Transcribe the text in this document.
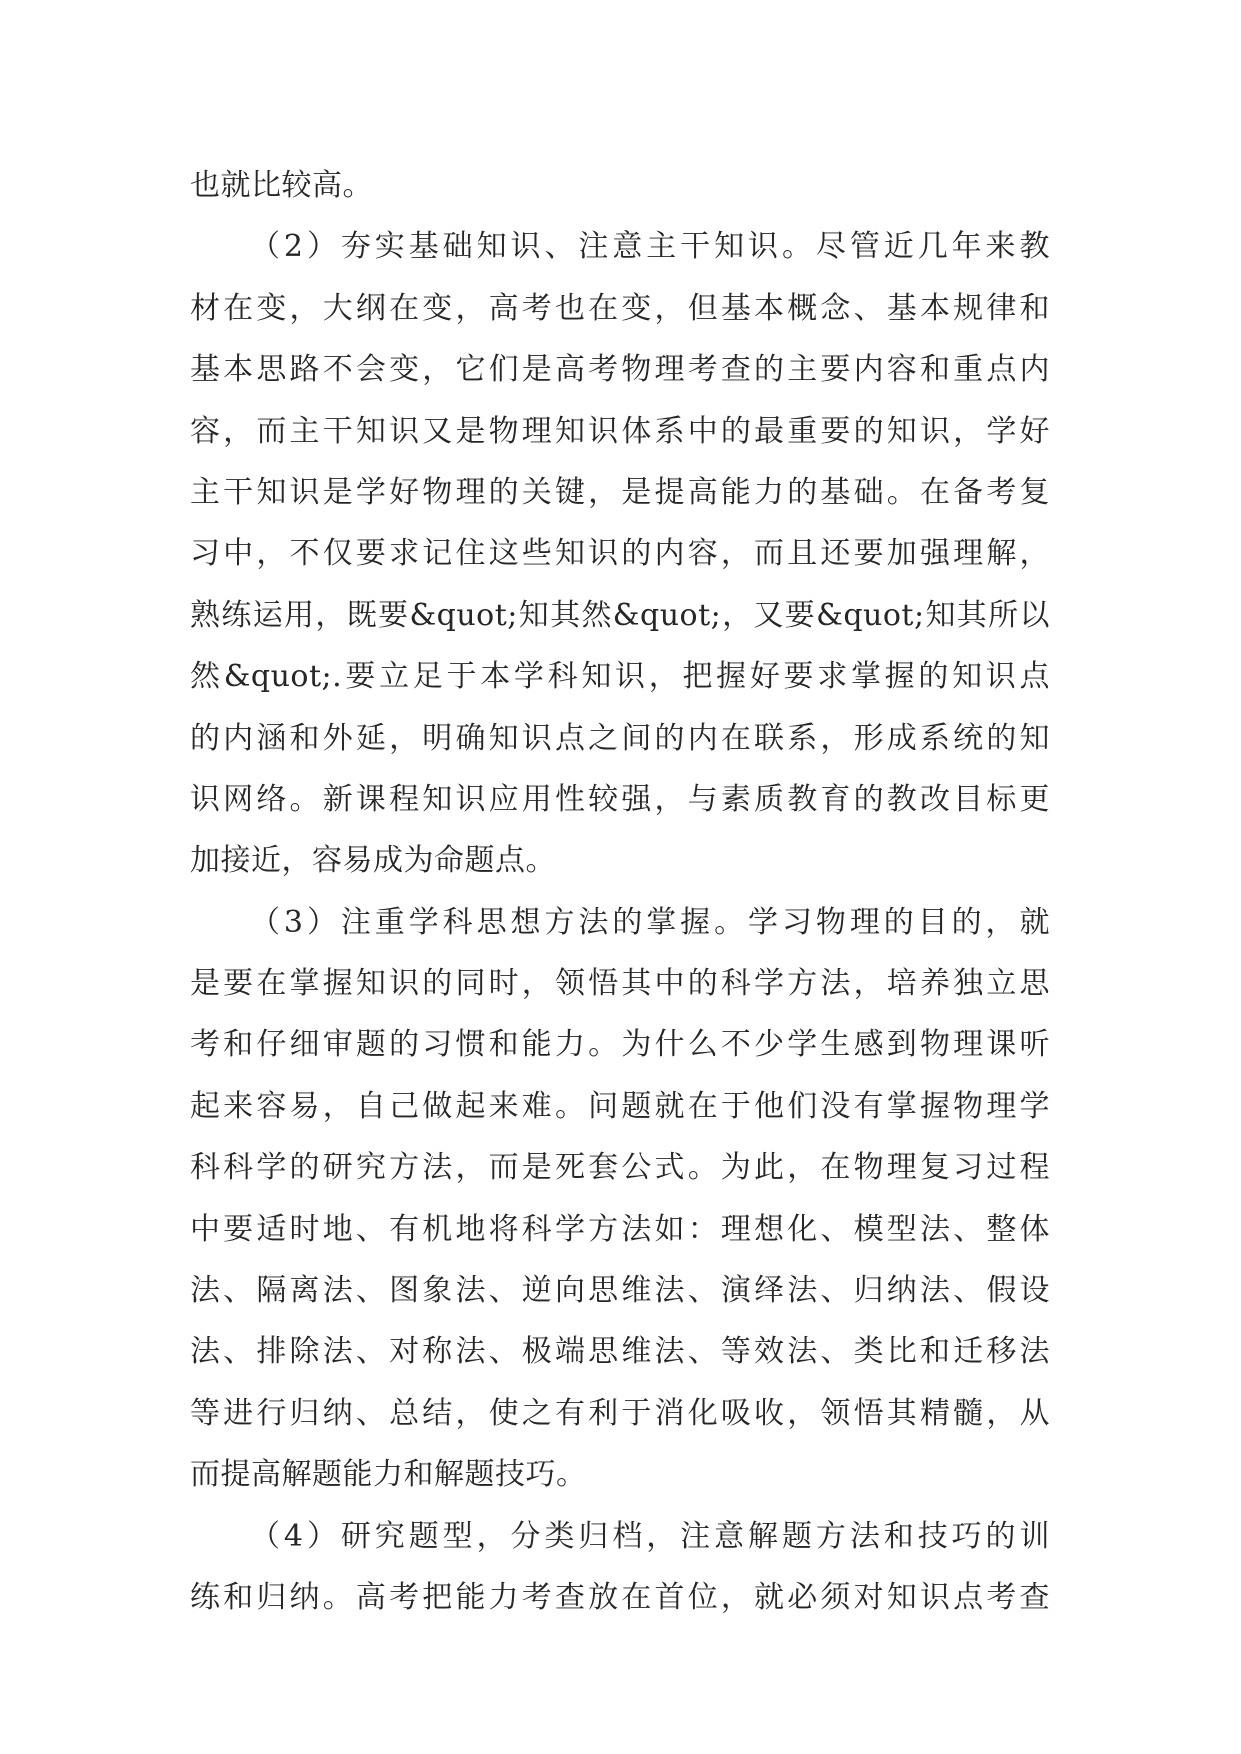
也就比较高。
（2）夯实基础知识、注意主干知识。尽管近几年来教
材在变，大纲在变，高考也在变，但基本概念、基本规律和
基本思路不会变，它们是高考物理考查的主要内容和重点内
容，而主干知识又是物理知识体系中的最重要的知识，学好
主干知识是学好物理的关键，是提高能力的基础。在备考复
习中，不仅要求记住这些知识的内容，而且还要加强理解，
熟练运用，既要&quot;知其然&quot;，又要&quot;知其所以
然&quot;.要立足于本学科知识，把握好要求掌握的知识点
的内涵和外延，明确知识点之间的内在联系，形成系统的知
识网络。新课程知识应用性较强，与素质教育的教改目标更
加接近，容易成为命题点。
（3）注重学科思想方法的掌握。学习物理的目的，就
是要在掌握知识的同时，领悟其中的科学方法，培养独立思
考和仔细审题的习惯和能力。为什么不少学生感到物理课听
起来容易，自己做起来难。问题就在于他们没有掌握物理学
科科学的研究方法，而是死套公式。为此，在物理复习过程
中要适时地、有机地将科学方法如：理想化、模型法、整体
法、隔离法、图象法、逆向思维法、演绎法、归纳法、假设
法、排除法、对称法、极端思维法、等效法、类比和迁移法
等进行归纳、总结，使之有利于消化吸收，领悟其精髓，从
而提高解题能力和解题技巧。
（4）研究题型，分类归档，注意解题方法和技巧的训
练和归纳。高考把能力考查放在首位，就必须对知识点考查
